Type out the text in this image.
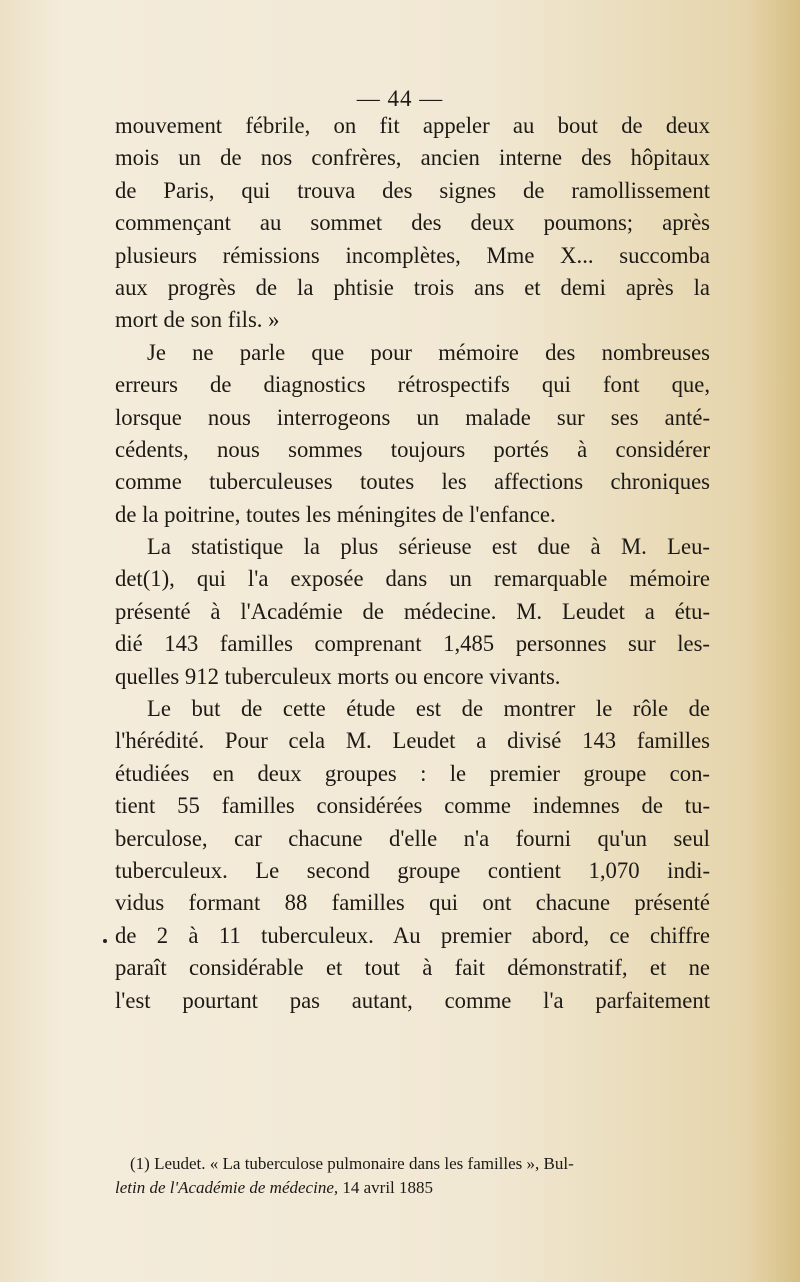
— 44 —
mouvement fébrile, on fit appeler au bout de deux
mois un de nos confrères, ancien interne des hôpitaux
de Paris, qui trouva des signes de ramollissement
commençant au sommet des deux poumons; après
plusieurs rémissions incomplètes, Mme X... succomba
aux progrès de la phtisie trois ans et demi après la
mort de son fils. »
Je ne parle que pour mémoire des nombreuses
erreurs de diagnostics rétrospectifs qui font que,
lorsque nous interrogeons un malade sur ses anté-
cédents, nous sommes toujours portés à considérer
comme tuberculeuses toutes les affections chroniques
de la poitrine, toutes les méningites de l'enfance.
La statistique la plus sérieuse est due à M. Leu-
det(1), qui l'a exposée dans un remarquable mémoire
présenté à l'Académie de médecine. M. Leudet a étu-
dié 143 familles comprenant 1,485 personnes sur les-
quelles 912 tuberculeux morts ou encore vivants.
Le but de cette étude est de montrer le rôle de
l'hérédité. Pour cela M. Leudet a divisé 143 familles
étudiées en deux groupes : le premier groupe con-
tient 55 familles considérées comme indemnes de tu-
berculose, car chacune d'elle n'a fourni qu'un seul
tuberculeux. Le second groupe contient 1,070 indi-
vidus formant 88 familles qui ont chacune présenté
de 2 à 11 tuberculeux. Au premier abord, ce chiffre
paraît considérable et tout à fait démonstratif, et ne
l'est pourtant pas autant, comme l'a parfaitement
(1) Leudet. « La tuberculose pulmonaire dans les familles », Bul-
letin de l'Académie de médecine, 14 avril 1885
